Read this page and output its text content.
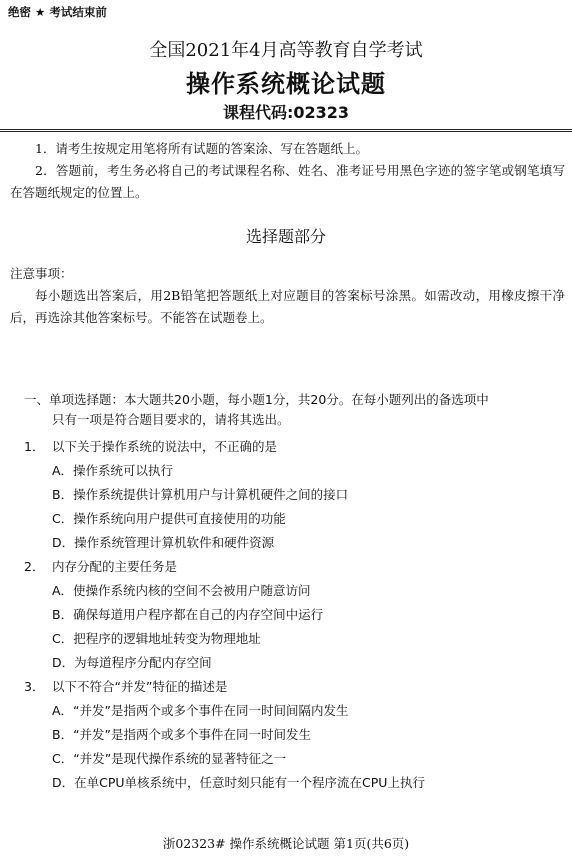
绝密 ★ 考试结束前
全国2021年4月高等教育自学考试
操作系统概论试题
课程代码:02323
1．请考生按规定用笔将所有试题的答案涂、写在答题纸上。
2．答题前，考生务必将自己的考试课程名称、姓名、准考证号用黑色字迹的签字笔或钢笔填写在答题纸规定的位置上。
选择题部分
注意事项：
每小题选出答案后，用2B铅笔把答题纸上对应题目的答案标号涂黑。如需改动，用橡皮擦干净后，再选涂其他答案标号。不能答在试题卷上。
一、单项选择题：本大题共20小题，每小题1分，共20分。在每小题列出的备选项中
只有一项是符合题目要求的，请将其选出。
1． 以下关于操作系统的说法中，不正确的是
A．操作系统可以执行
B．操作系统提供计算机用户与计算机硬件之间的接口
C．操作系统向用户提供可直接使用的功能
D．操作系统管理计算机软件和硬件资源
2． 内存分配的主要任务是
A．使操作系统内核的空间不会被用户随意访问
B．确保每道用户程序都在自己的内存空间中运行
C．把程序的逻辑地址转变为物理地址
D．为每道程序分配内存空间
3． 以下不符合“并发”特征的描述是
A．“并发”是指两个或多个事件在同一时间间隔内发生
B．“并发”是指两个或多个事件在同一时间发生
C．“并发”是现代操作系统的显著特征之一
D．在单CPU单核系统中，任意时刻只能有一个程序流在CPU上执行
浙02323# 操作系统概论试题 第1页(共6页)
